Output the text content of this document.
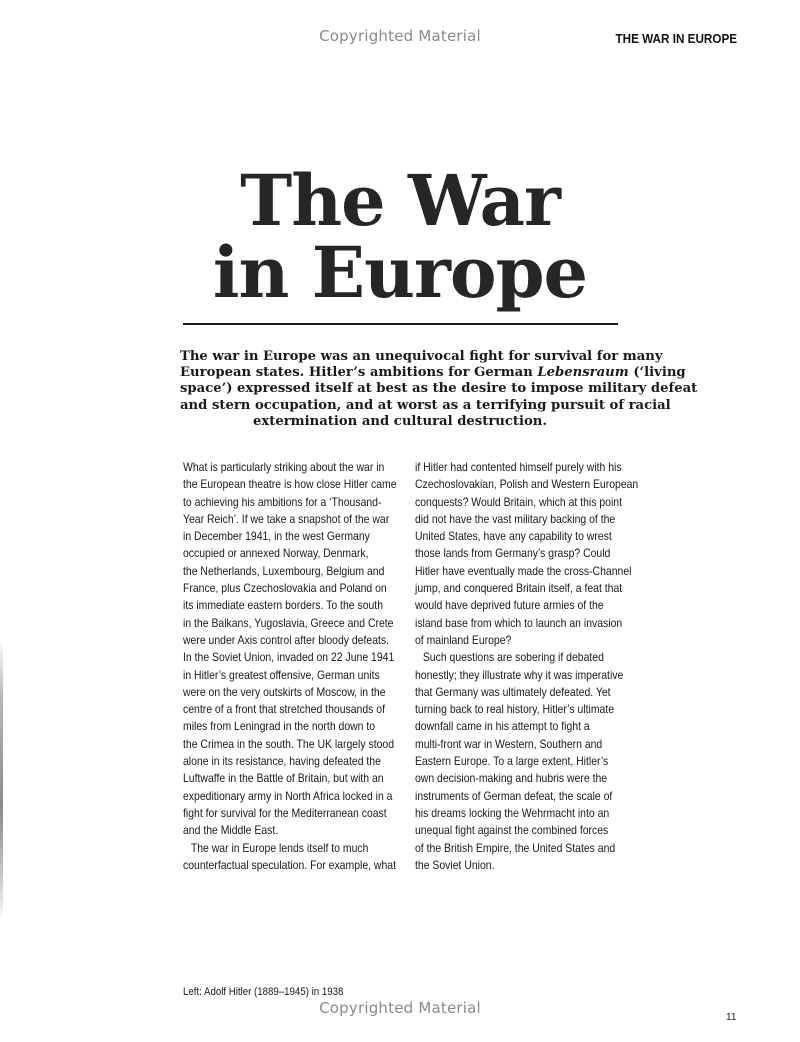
Copyrighted Material	THE WAR IN EUROPE
The War
in Europe
The war in Europe was an unequivocal fight for survival for many
European states. Hitler’s ambitions for German Lebensraum (‘living
space’) expressed itself at best as the desire to impose military defeat
and stern occupation, and at worst as a terrifying pursuit of racial
extermination and cultural destruction.
What is particularly striking about the war in
the European theatre is how close Hitler came
to achieving his ambitions for a ‘Thousand-
Year Reich’. If we take a snapshot of the war
in December 1941, in the west Germany
occupied or annexed Norway, Denmark,
the Netherlands, Luxembourg, Belgium and
France, plus Czechoslovakia and Poland on
its immediate eastern borders. To the south
in the Balkans, Yugoslavia, Greece and Crete
were under Axis control after bloody defeats.
In the Soviet Union, invaded on 22 June 1941
in Hitler’s greatest offensive, German units
were on the very outskirts of Moscow, in the
centre of a front that stretched thousands of
miles from Leningrad in the north down to
the Crimea in the south. The UK largely stood
alone in its resistance, having defeated the
Luftwaffe in the Battle of Britain, but with an
expeditionary army in North Africa locked in a
fight for survival for the Mediterranean coast
and the Middle East.
The war in Europe lends itself to much
counterfactual speculation. For example, what
if Hitler had contented himself purely with his
Czechoslovakian, Polish and Western European
conquests? Would Britain, which at this point
did not have the vast military backing of the
United States, have any capability to wrest
those lands from Germany’s grasp? Could
Hitler have eventually made the cross-Channel
jump, and conquered Britain itself, a feat that
would have deprived future armies of the
island base from which to launch an invasion
of mainland Europe?
Such questions are sobering if debated
honestly; they illustrate why it was imperative
that Germany was ultimately defeated. Yet
turning back to real history, Hitler’s ultimate
downfall came in his attempt to fight a
multi-front war in Western, Southern and
Eastern Europe. To a large extent, Hitler’s
own decision-making and hubris were the
instruments of German defeat, the scale of
his dreams locking the Wehrmacht into an
unequal fight against the combined forces
of the British Empire, the United States and
the Soviet Union.
Left: Adolf Hitler (1889–1945) in 1938
Copyrighted Material
11
